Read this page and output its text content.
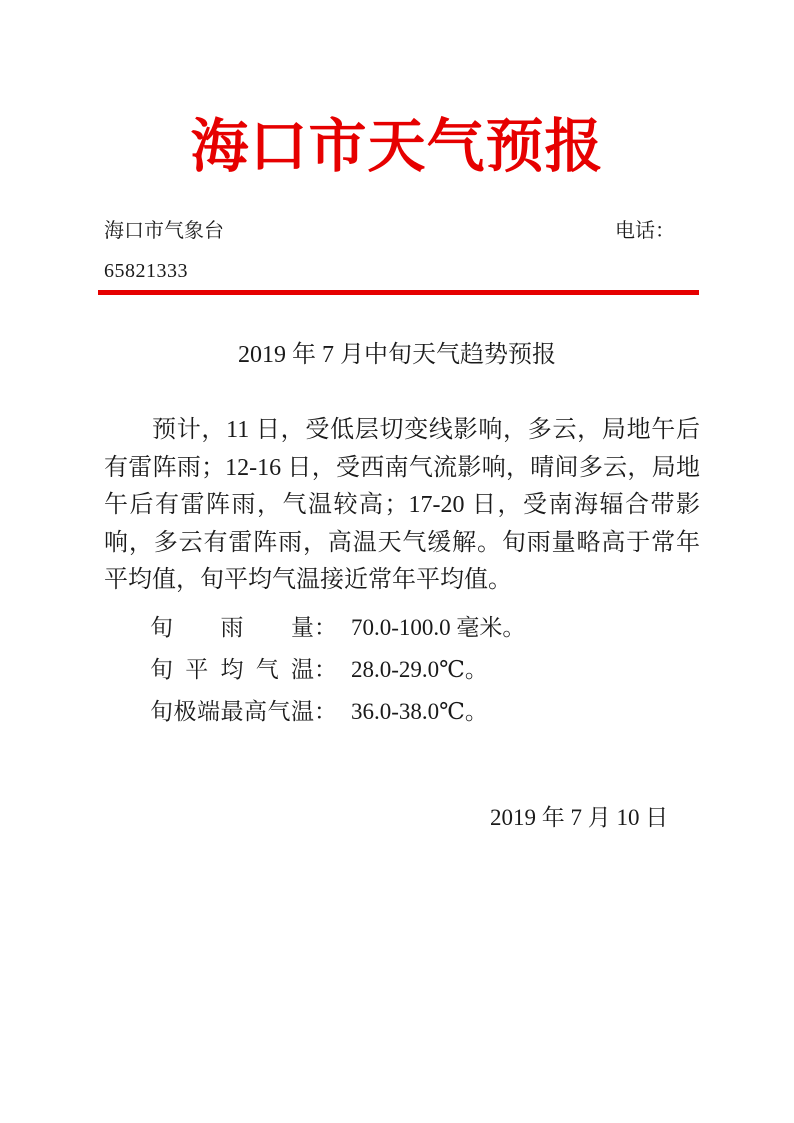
海口市天气预报
海口市气象台	电话：
65821333
2019 年 7 月中旬天气趋势预报

预计，11 日，受低层切变线影响，多云，局地午后有雷阵雨；12-16 日，受西南气流影响，晴间多云，局地午后有雷阵雨，气温较高；17-20 日，受南海辐合带影响，多云有雷阵雨，高温天气缓解。旬雨量略高于常年平均值，旬平均气温接近常年平均值。

旬雨量： 70.0-100.0 毫米。
旬平均气温： 28.0-29.0℃。
旬极端最高气温： 36.0-38.0℃。
2019 年 7 月 10 日
